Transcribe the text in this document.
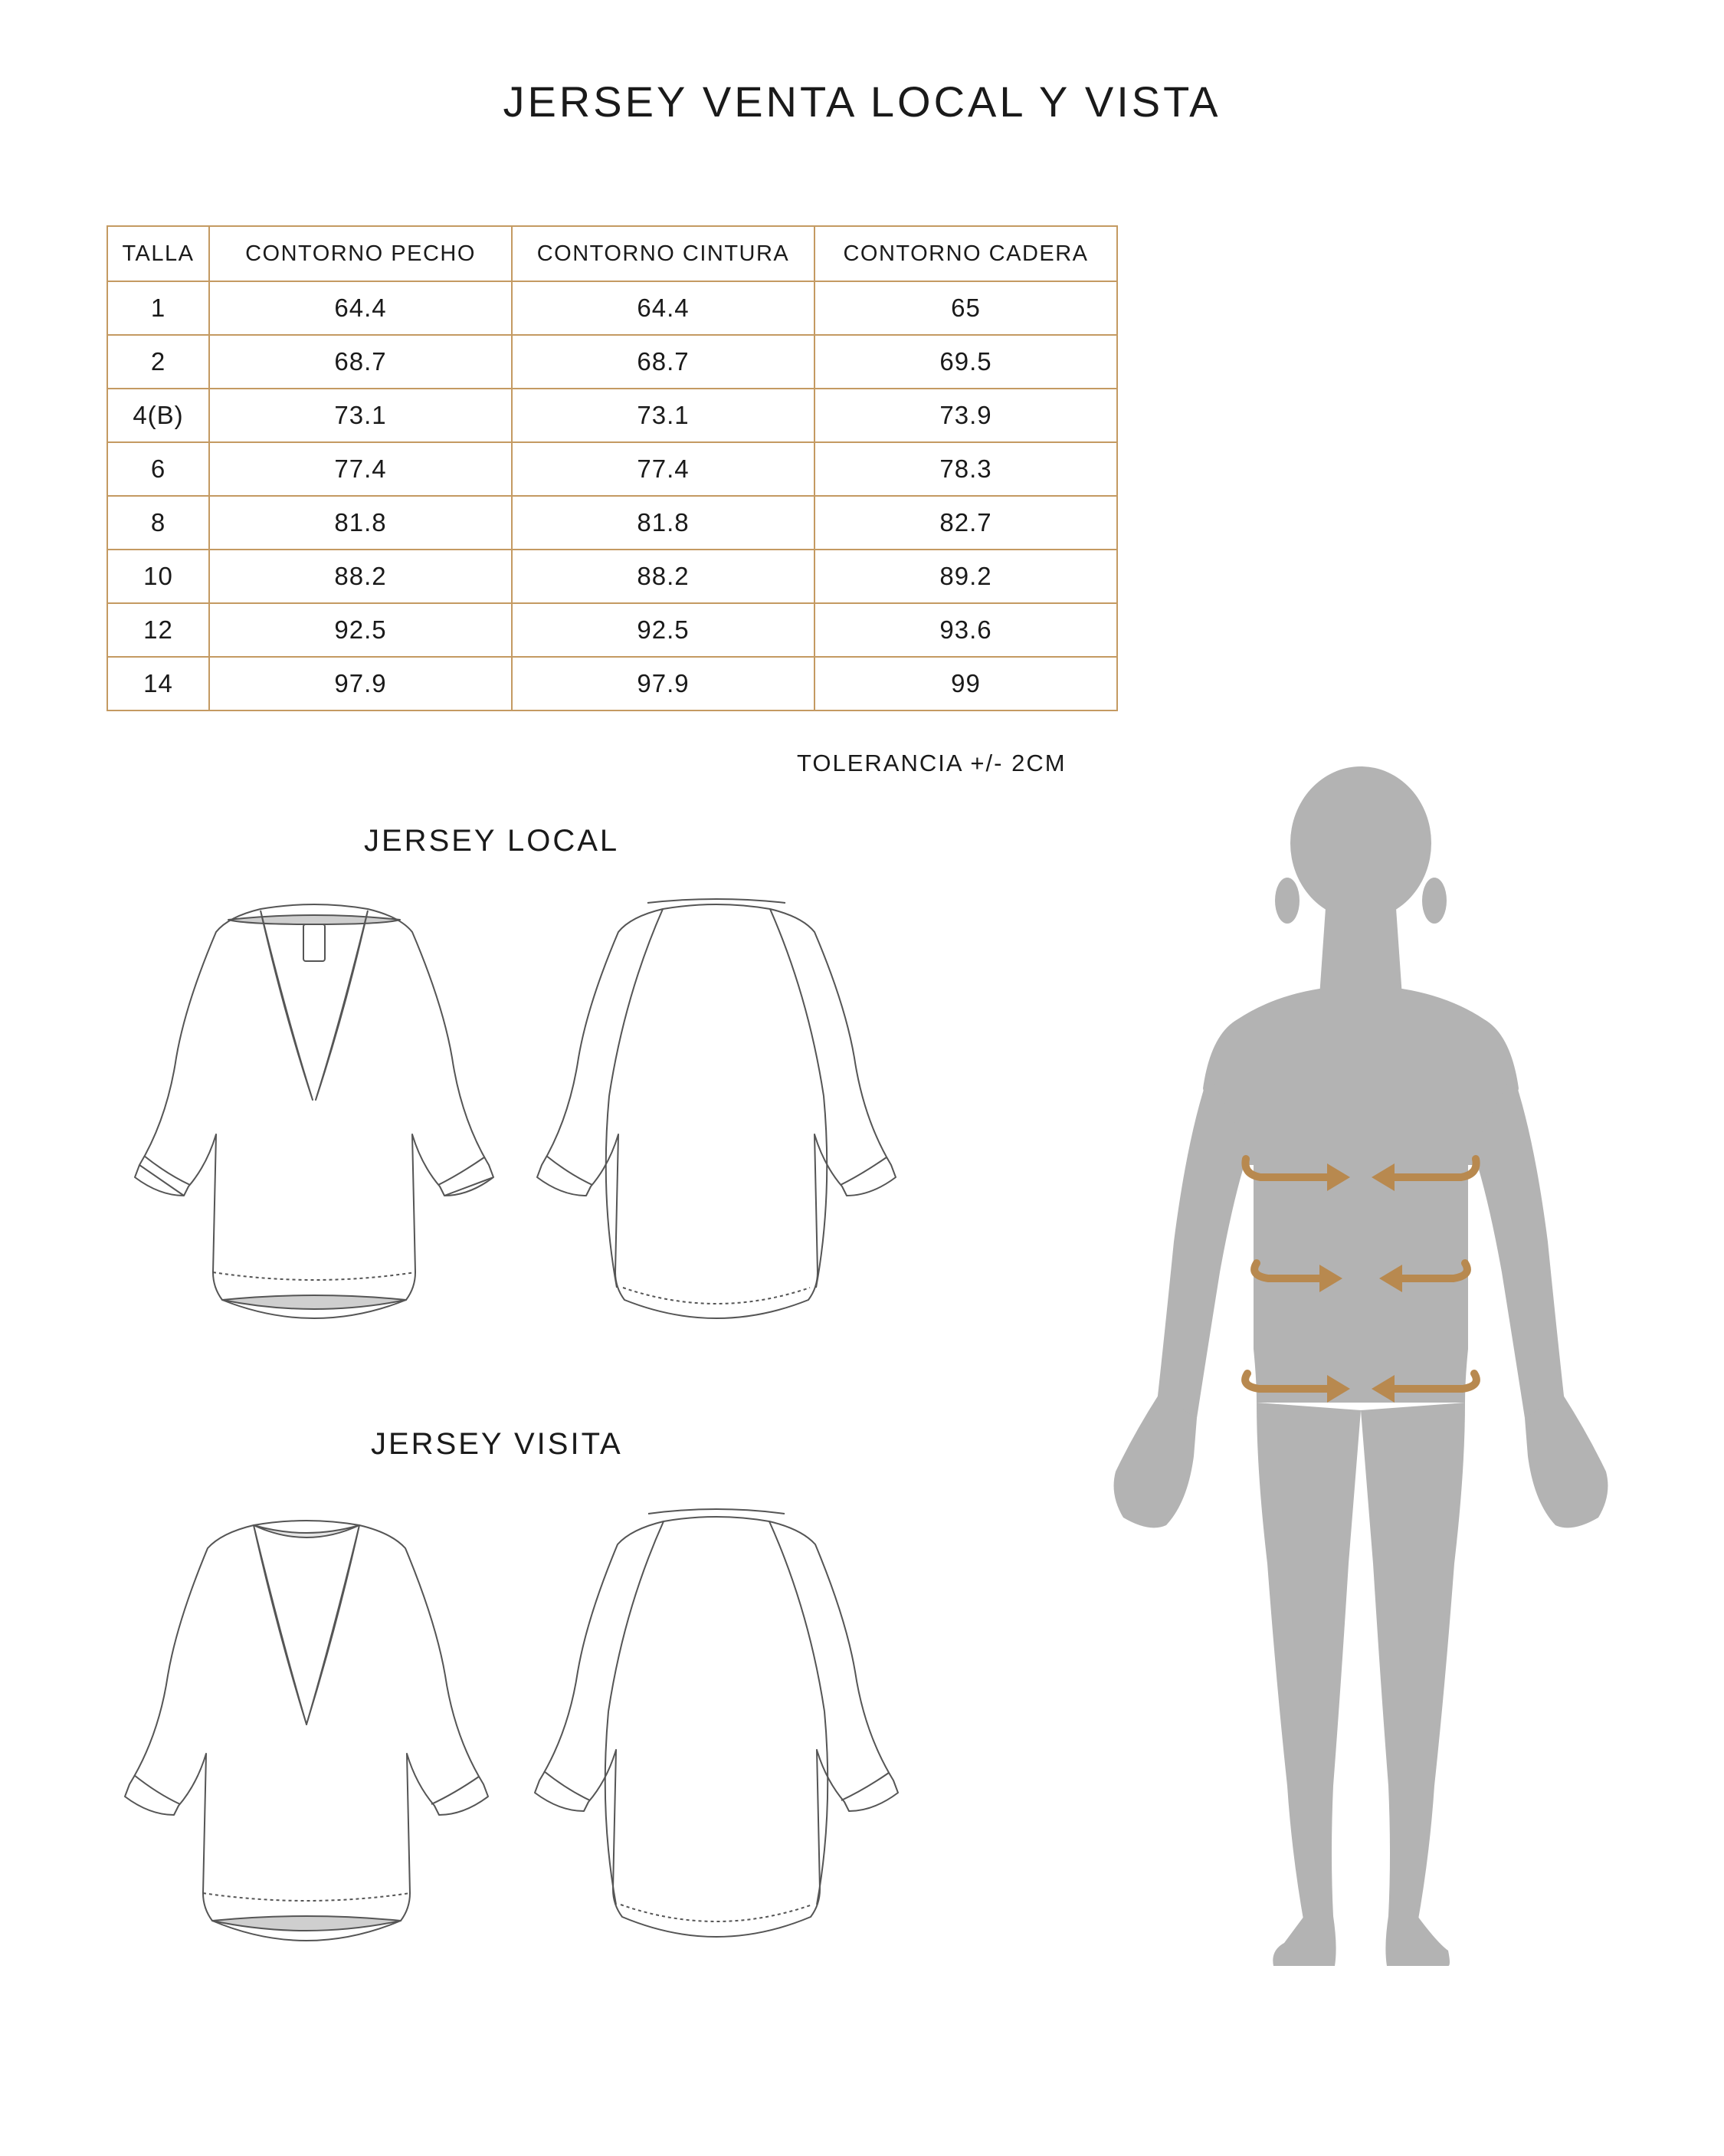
JERSEY VENTA LOCAL Y VISTA
TALLA	CONTORNO PECHO	CONTORNO CINTURA	CONTORNO CADERA
1	64.4	64.4	65
2	68.7	68.7	69.5
4(B)	73.1	73.1	73.9
6	77.4	77.4	78.3
8	81.8	81.8	82.7
10	88.2	88.2	89.2
12	92.5	92.5	93.6
14	97.9	97.9	99
TOLERANCIA +/- 2CM
JERSEY LOCAL
JERSEY VISITA
